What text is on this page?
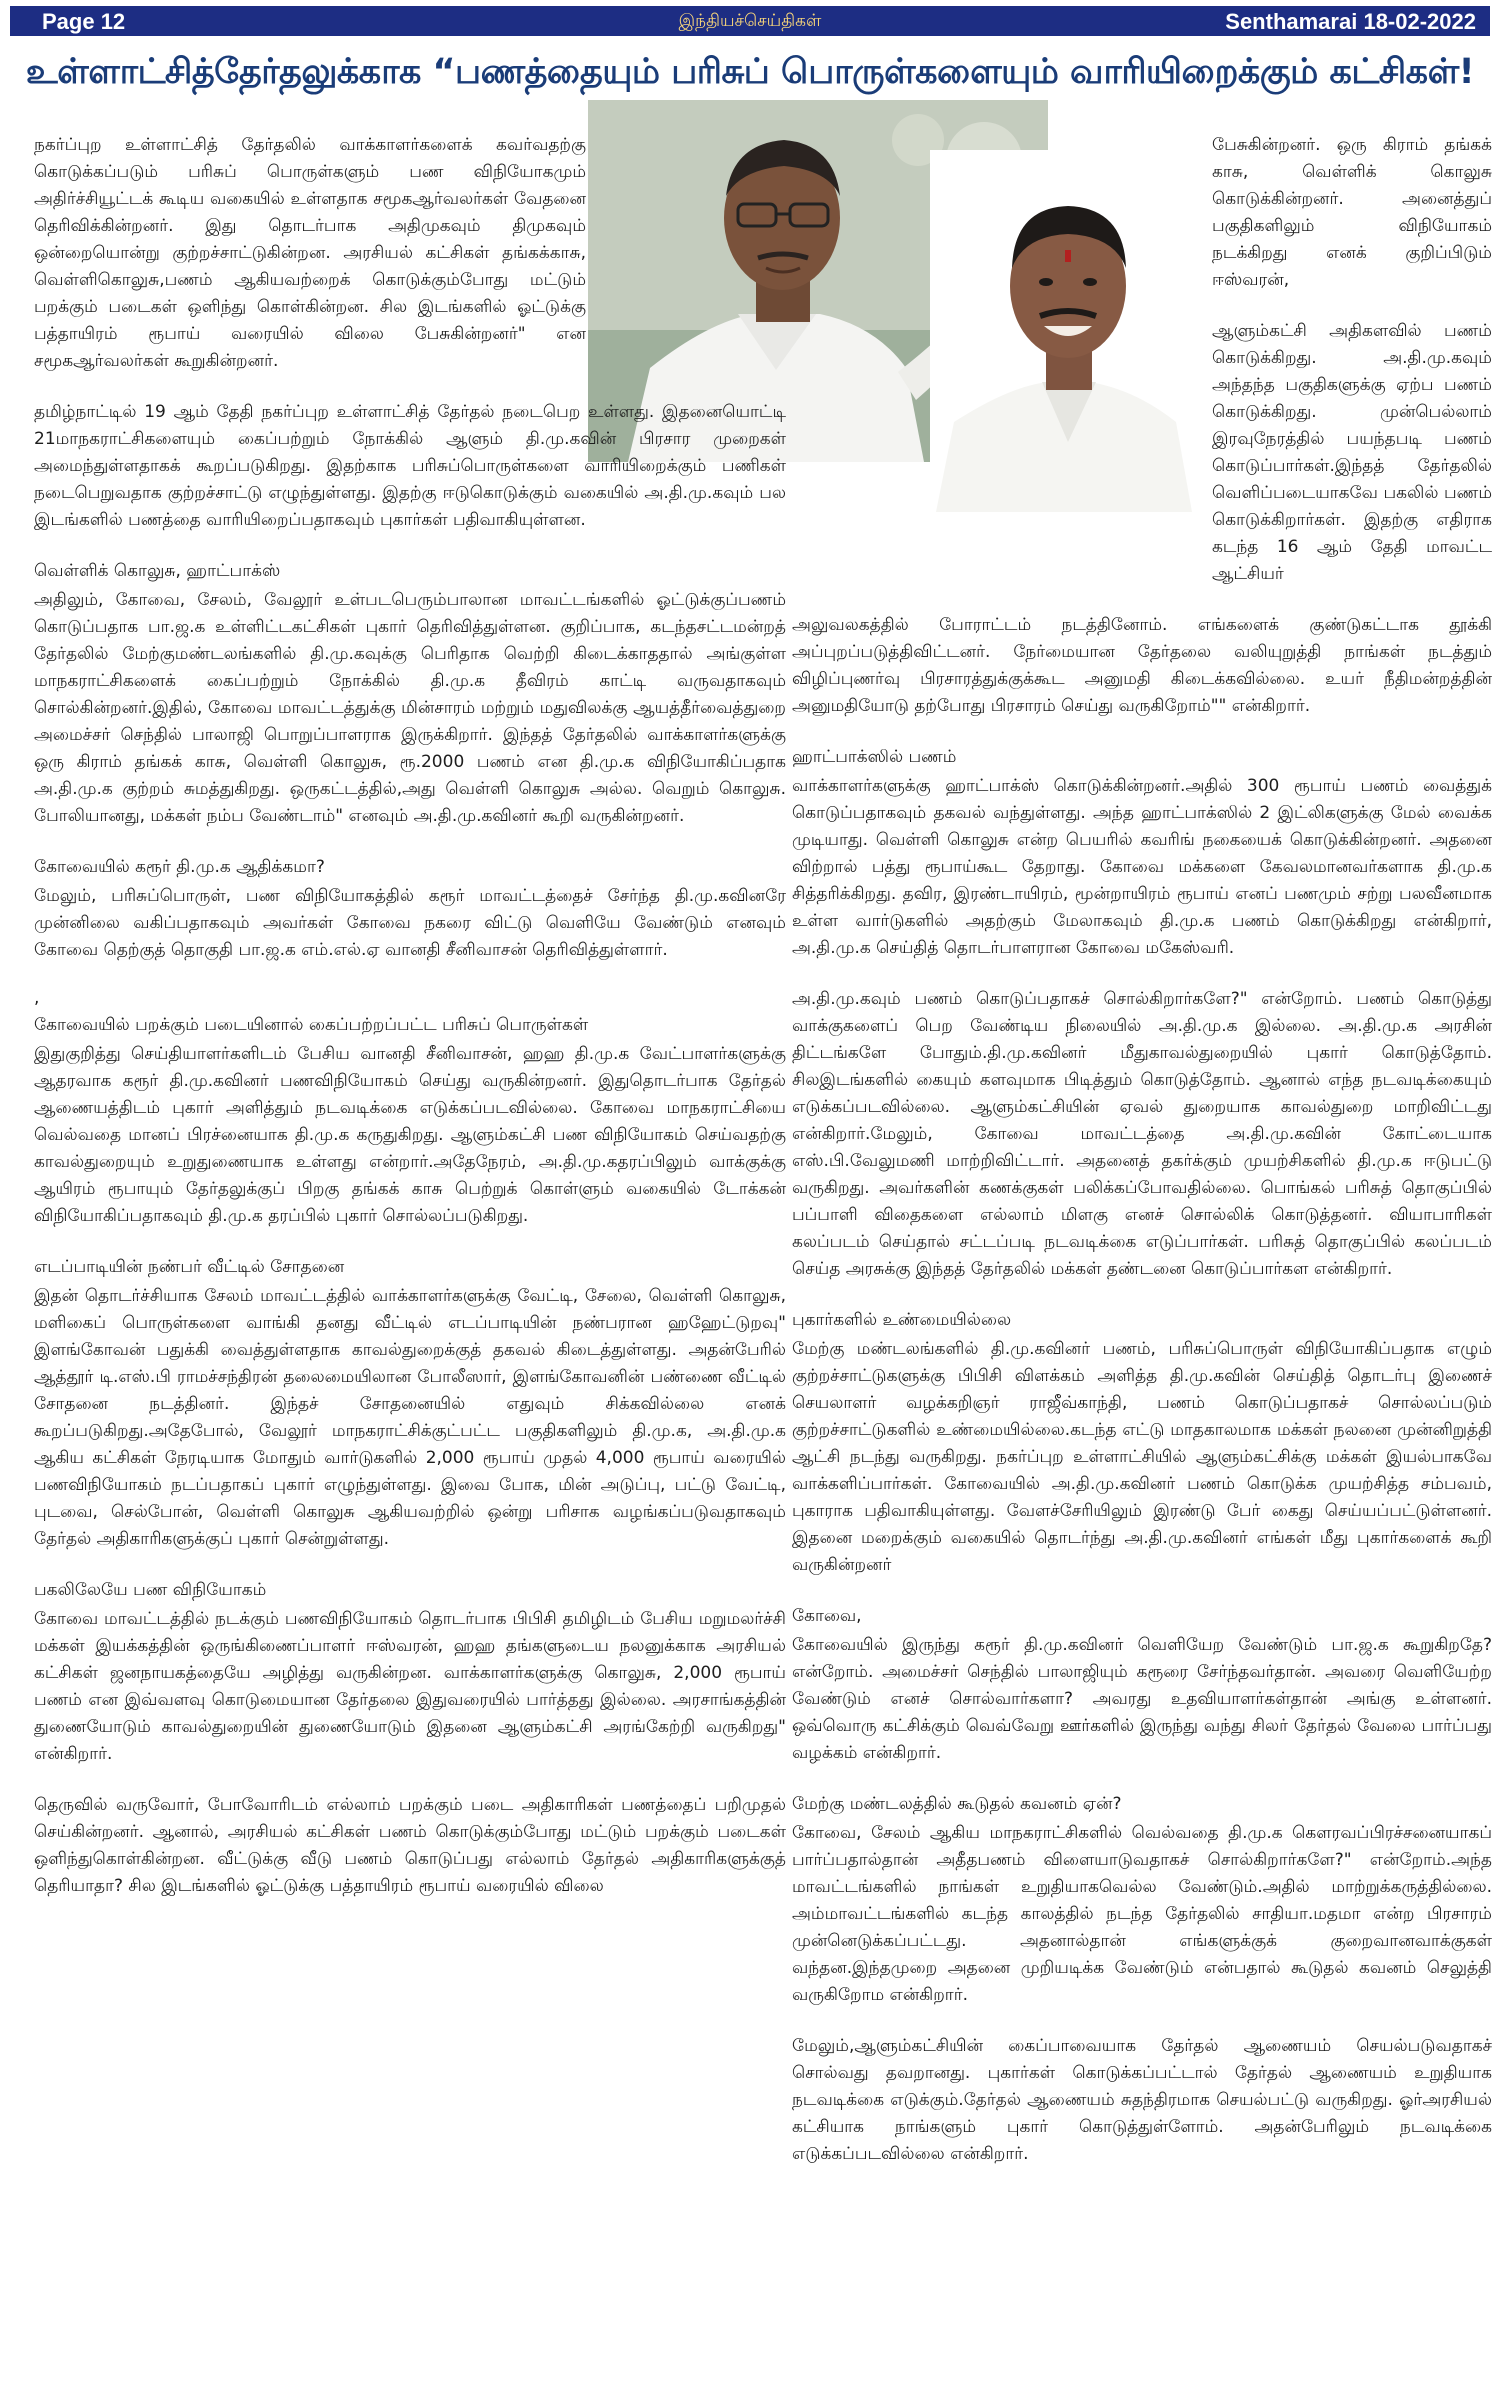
Page 12	இந்தியச்செய்திகள்	Senthamarai 18-02-2022
உள்ளாட்சித்தேர்தலுக்காக “பணத்தையும் பரிசுப் பொருள்களையும் வாரியிறைக்கும் கட்சிகள்!

நகர்ப்புற உள்ளாட்சித் தேர்தலில் வாக்காளர்களைக் கவர்வதற்கு கொடுக்கப்படும் பரிசுப் பொருள்களும் பண விநியோகமும் அதிர்ச்சியூட்டக் கூடிய வகையில் உள்ளதாக சமூகஆர்வலர்கள் வேதனை தெரிவிக்கின்றனர். இது தொடர்பாக அதிமுகவும் திமுகவும் ஒன்றையொன்று குற்றச்சாட்டுகின்றன. அரசியல் கட்சிகள் தங்கக்காசு, வெள்ளிகொலுசு,பணம் ஆகியவற்றைக் கொடுக்கும்போது மட்டும் பறக்கும் படைகள் ஒளிந்து கொள்கின்றன. சில இடங்களில் ஓட்டுக்கு பத்தாயிரம் ரூபாய் வரையில் விலை பேசுகின்றனர்" என சமூகஆர்வலர்கள் கூறுகின்றனர்.

தமிழ்நாட்டில் 19 ஆம் தேதி நகர்ப்புற உள்ளாட்சித் தேர்தல் நடைபெற உள்ளது. இதனையொட்டி 21மாநகராட்சிகளையும் கைப்பற்றும் நோக்கில் ஆளும் தி.மு.கவின் பிரசார முறைகள் அமைந்துள்ளதாகக் கூறப்படுகிறது. இதற்காக பரிசுப்பொருள்களை வாரியிறைக்கும் பணிகள் நடைபெறுவதாக குற்றச்சாட்டு எழுந்துள்ளது. இதற்கு ஈடுகொடுக்கும் வகையில் அ.தி.மு.கவும் பல இடங்களில் பணத்தை வாரியிறைப்பதாகவும் புகார்கள் பதிவாகியுள்ளன.

வெள்ளிக் கொலுசு, ஹாட்பாக்ஸ்

அதிலும், கோவை, சேலம், வேலூர் உள்படபெரும்பாலான மாவட்டங்களில் ஓட்டுக்குப்பணம் கொடுப்பதாக பா.ஜ.க உள்ளிட்டகட்சிகள் புகார் தெரிவித்துள்ளன. குறிப்பாக, கடந்தசட்டமன்றத் தேர்தலில் மேற்குமண்டலங்களில் தி.மு.கவுக்கு பெரிதாக வெற்றி கிடைக்காததால் அங்குள்ள மாநகராட்சிகளைக் கைப்பற்றும் நோக்கில் தி.மு.க தீவிரம் காட்டி வருவதாகவும் சொல்கின்றனர்.இதில், கோவை மாவட்டத்துக்கு மின்சாரம் மற்றும் மதுவிலக்கு ஆயத்தீர்வைத்துறை அமைச்சர் செந்தில் பாலாஜி பொறுப்பாளராக இருக்கிறார். இந்தத் தேர்தலில் வாக்காளர்களுக்கு ஒரு கிராம் தங்கக் காசு, வெள்ளி கொலுசு, ரூ.2000 பணம் என தி.மு.க விநியோகிப்பதாக அ.தி.மு.க குற்றம் சுமத்துகிறது. ஒருகட்டத்தில்,அது வெள்ளி கொலுசு அல்ல. வெறும் கொலுசு. போலியானது, மக்கள் நம்ப வேண்டாம்" எனவும் அ.தி.மு.கவினர் கூறி வருகின்றனர்.

கோவையில் கரூர் தி.மு.க ஆதிக்கமா?

மேலும், பரிசுப்பொருள், பண விநியோகத்தில் கரூர் மாவட்டத்தைச் சேர்ந்த தி.மு.கவினரே முன்னிலை வகிப்பதாகவும் அவர்கள் கோவை நகரை விட்டு வெளியே வேண்டும் எனவும் கோவை தெற்குத் தொகுதி பா.ஜ.க எம்.எல்.ஏ வானதி சீனிவாசன் தெரிவித்துள்ளார்.

,

கோவையில் பறக்கும் படையினால் கைப்பற்றப்பட்ட பரிசுப் பொருள்கள்

இதுகுறித்து செய்தியாளர்களிடம் பேசிய வானதி சீனிவாசன், ஹஹ தி.மு.க வேட்பாளர்களுக்கு ஆதரவாக கரூர் தி.மு.கவினர் பணவிநியோகம் செய்து வருகின்றனர். இதுதொடர்பாக தேர்தல் ஆணையத்திடம் புகார் அளித்தும் நடவடிக்கை எடுக்கப்படவில்லை. கோவை மாநகராட்சியை வெல்வதை மானப் பிரச்னையாக தி.மு.க கருதுகிறது. ஆளும்கட்சி பண விநியோகம் செய்வதற்கு காவல்துறையும் உறுதுணையாக உள்ளது என்றார்.அதேநேரம், அ.தி.மு.கதரப்பிலும் வாக்குக்கு ஆயிரம் ரூபாயும் தேர்தலுக்குப் பிறகு தங்கக் காசு பெற்றுக் கொள்ளும் வகையில் டோக்கன் விநியோகிப்பதாகவும் தி.மு.க தரப்பில் புகார் சொல்லப்படுகிறது.

எடப்பாடியின் நண்பர் வீட்டில் சோதனை

இதன் தொடர்ச்சியாக சேலம் மாவட்டத்தில் வாக்காளர்களுக்கு வேட்டி, சேலை, வெள்ளி கொலுசு, மளிகைப் பொருள்களை வாங்கி தனது வீட்டில் எடப்பாடியின் நண்பரான ஹஹேட்டுறவு" இளங்கோவன் பதுக்கி வைத்துள்ளதாக காவல்துறைக்குத் தகவல் கிடைத்துள்ளது. அதன்பேரில் ஆத்தூர் டி.எஸ்.பி ராமச்சந்திரன் தலைமையிலான போலீஸார், இளங்கோவனின் பண்ணை வீட்டில் சோதனை நடத்தினர். இந்தச் சோதனையில் எதுவும் சிக்கவில்லை எனக் கூறப்படுகிறது.அதேபோல், வேலூர் மாநகராட்சிக்குட்பட்ட பகுதிகளிலும் தி.மு.க, அ.தி.மு.க ஆகிய கட்சிகள் நேரடியாக மோதும் வார்டுகளில் 2,000 ரூபாய் முதல் 4,000 ரூபாய் வரையில் பணவிநியோகம் நடப்பதாகப் புகார் எழுந்துள்ளது. இவை போக, மின் அடுப்பு, பட்டு வேட்டி, புடவை, செல்போன், வெள்ளி கொலுசு ஆகியவற்றில் ஒன்று பரிசாக வழங்கப்படுவதாகவும் தேர்தல் அதிகாரிகளுக்குப் புகார் சென்றுள்ளது.

பகலிலேயே பண விநியோகம்

கோவை மாவட்டத்தில் நடக்கும் பணவிநியோகம் தொடர்பாக பிபிசி தமிழிடம் பேசிய மறுமலர்ச்சி மக்கள் இயக்கத்தின் ஒருங்கிணைப்பாளர் ஈஸ்வரன், ஹஹ தங்களுடைய நலனுக்காக அரசியல் கட்சிகள் ஜனநாயகத்தையே அழித்து வருகின்றன. வாக்காளர்களுக்கு கொலுசு, 2,000 ரூபாய் பணம் என இவ்வளவு கொடுமையான தேர்தலை இதுவரையில் பார்த்தது இல்லை. அரசாங்கத்தின் துணையோடும் காவல்துறையின் துணையோடும் இதனை ஆளும்கட்சி அரங்கேற்றி வருகிறது" என்கிறார்.

தெருவில் வருவோர், போவோரிடம் எல்லாம் பறக்கும் படை அதிகாரிகள் பணத்தைப் பறிமுதல் செய்கின்றனர். ஆனால், அரசியல் கட்சிகள் பணம் கொடுக்கும்போது மட்டும் பறக்கும் படைகள் ஒளிந்துகொள்கின்றன. வீட்டுக்கு வீடு பணம் கொடுப்பது எல்லாம் தேர்தல் அதிகாரிகளுக்குத் தெரியாதா? சில இடங்களில் ஓட்டுக்கு பத்தாயிரம் ரூபாய் வரையில் விலை

பேசுகின்றனர். ஒரு கிராம் தங்கக் காசு, வெள்ளிக் கொலுசு கொடுக்கின்றனர். அனைத்துப் பகுதிகளிலும் விநியோகம் நடக்கிறது எனக் குறிப்பிடும் ஈஸ்வரன்,

ஆளும்கட்சி அதிகளவில் பணம் கொடுக்கிறது. அ.தி.மு.கவும் அந்தந்த பகுதிகளுக்கு ஏற்ப பணம் கொடுக்கிறது. முன்பெல்லாம் இரவுநேரத்தில் பயந்தபடி பணம் கொடுப்பார்கள்.இந்தத் தேர்தலில் வெளிப்படையாகவே பகலில் பணம் கொடுக்கிறார்கள். இதற்கு எதிராக கடந்த 16 ஆம் தேதி மாவட்ட ஆட்சியர்

அலுவலகத்தில் போராட்டம் நடத்தினோம். எங்களைக் குண்டுகட்டாக தூக்கி அப்புறப்படுத்திவிட்டனர். நேர்மையான தேர்தலை வலியுறுத்தி நாங்கள் நடத்தும் விழிப்புணர்வு பிரசாரத்துக்குக்கூட அனுமதி கிடைக்கவில்லை. உயர் நீதிமன்றத்தின் அனுமதியோடு தற்போது பிரசாரம் செய்து வருகிறோம்"" என்கிறார்.

ஹாட்பாக்ஸில் பணம்

வாக்காளர்களுக்கு ஹாட்பாக்ஸ் கொடுக்கின்றனர்.அதில் 300 ரூபாய் பணம் வைத்துக் கொடுப்பதாகவும் தகவல் வந்துள்ளது. அந்த ஹாட்பாக்ஸில் 2 இட்லிகளுக்கு மேல் வைக்க முடியாது. வெள்ளி கொலுசு என்ற பெயரில் கவரிங் நகையைக் கொடுக்கின்றனர். அதனை விற்றால் பத்து ரூபாய்கூட தேறாது. கோவை மக்களை கேவலமானவர்களாக தி.மு.க சித்தரிக்கிறது. தவிர, இரண்டாயிரம், மூன்றாயிரம் ரூபாய் எனப் பணமும் சற்று பலவீனமாக உள்ள வார்டுகளில் அதற்கும் மேலாகவும் தி.மு.க பணம் கொடுக்கிறது என்கிறார், அ.தி.மு.க செய்தித் தொடர்பாளரான கோவை மகேஸ்வரி.

அ.தி.மு.கவும் பணம் கொடுப்பதாகச் சொல்கிறார்களே?" என்றோம். பணம் கொடுத்து வாக்குகளைப் பெற வேண்டிய நிலையில் அ.தி.மு.க இல்லை. அ.தி.மு.க அரசின் திட்டங்களே போதும்.தி.மு.கவினர் மீதுகாவல்துறையில் புகார் கொடுத்தோம். சிலஇடங்களில் கையும் களவுமாக பிடித்தும் கொடுத்தோம். ஆனால் எந்த நடவடிக்கையும் எடுக்கப்படவில்லை. ஆளும்கட்சியின் ஏவல் துறையாக காவல்துறை மாறிவிட்டது என்கிறார்.மேலும், கோவை மாவட்டத்தை அ.தி.மு.கவின் கோட்டையாக எஸ்.பி.வேலுமணி மாற்றிவிட்டார். அதனைத் தகர்க்கும் முயற்சிகளில் தி.மு.க ஈடுபட்டு வருகிறது. அவர்களின் கணக்குகள் பலிக்கப்போவதில்லை. பொங்கல் பரிசுத் தொகுப்பில் பப்பாளி விதைகளை எல்லாம் மிளகு எனச் சொல்லிக் கொடுத்தனர். வியாபாரிகள் கலப்படம் செய்தால் சட்டப்படி நடவடிக்கை எடுப்பார்கள். பரிசுத் தொகுப்பில் கலப்படம் செய்த அரசுக்கு இந்தத் தேர்தலில் மக்கள் தண்டனை கொடுப்பார்கள என்கிறார்.

புகார்களில் உண்மையில்லை

மேற்கு மண்டலங்களில் தி.மு.கவினர் பணம், பரிசுப்பொருள் விநியோகிப்பதாக எழும் குற்றச்சாட்டுகளுக்கு பிபிசி விளக்கம் அளித்த தி.மு.கவின் செய்தித் தொடர்பு இணைச் செயலாளர் வழக்கறிஞர் ராஜீவ்காந்தி, பணம் கொடுப்பதாகச் சொல்லப்படும் குற்றச்சாட்டுகளில் உண்மையில்லை.கடந்த எட்டு மாதகாலமாக மக்கள் நலனை முன்னிறுத்தி ஆட்சி நடந்து வருகிறது. நகர்ப்புற உள்ளாட்சியில் ஆளும்கட்சிக்கு மக்கள் இயல்பாகவே வாக்களிப்பார்கள். கோவையில் அ.தி.மு.கவினர் பணம் கொடுக்க முயற்சித்த சம்பவம், புகாராக பதிவாகியுள்ளது. வேளச்சேரியிலும் இரண்டு பேர் கைது செய்யப்பட்டுள்ளனர். இதனை மறைக்கும் வகையில் தொடர்ந்து அ.தி.மு.கவினர் எங்கள் மீது புகார்களைக் கூறி வருகின்றனர்

கோவை,

கோவையில் இருந்து கரூர் தி.மு.கவினர் வெளியேற வேண்டும் பா.ஜ.க கூறுகிறதே? என்றோம். அமைச்சர் செந்தில் பாலாஜியும் கரூரை சேர்ந்தவர்தான். அவரை வெளியேற்ற வேண்டும் எனச் சொல்வார்களா? அவரது உதவியாளர்கள்தான் அங்கு உள்ளனர். ஒவ்வொரு கட்சிக்கும் வெவ்வேறு ஊர்களில் இருந்து வந்து சிலர் தேர்தல் வேலை பார்ப்பது வழக்கம் என்கிறார்.

மேற்கு மண்டலத்தில் கூடுதல் கவனம் ஏன்?

கோவை, சேலம் ஆகிய மாநகராட்சிகளில் வெல்வதை தி.மு.க கௌரவப்பிரச்சனையாகப் பார்ப்பதால்தான் அதீதபணம் விளையாடுவதாகச் சொல்கிறார்களே?" என்றோம்.அந்த மாவட்டங்களில் நாங்கள் உறுதியாகவெல்ல வேண்டும்.அதில் மாற்றுக்கருத்தில்லை. அம்மாவட்டங்களில் கடந்த காலத்தில் நடந்த தேர்தலில் சாதியா.மதமா என்ற பிரசாரம் முன்னெடுக்கப்பட்டது. அதனால்தான் எங்களுக்குக் குறைவானவாக்குகள் வந்தன.இந்தமுறை அதனை முறியடிக்க வேண்டும் என்பதால் கூடுதல் கவனம் செலுத்தி வருகிறோம என்கிறார்.

மேலும்,ஆளும்கட்சியின் கைப்பாவையாக தேர்தல் ஆணையம் செயல்படுவதாகச் சொல்வது தவறானது. புகார்கள் கொடுக்கப்பட்டால் தேர்தல் ஆணையம் உறுதியாக நடவடிக்கை எடுக்கும்.தேர்தல் ஆணையம் சுதந்திரமாக செயல்பட்டு வருகிறது. ஓர்அரசியல் கட்சியாக நாங்களும் புகார் கொடுத்துள்ளோம். அதன்பேரிலும் நடவடிக்கை எடுக்கப்படவில்லை என்கிறார்.
